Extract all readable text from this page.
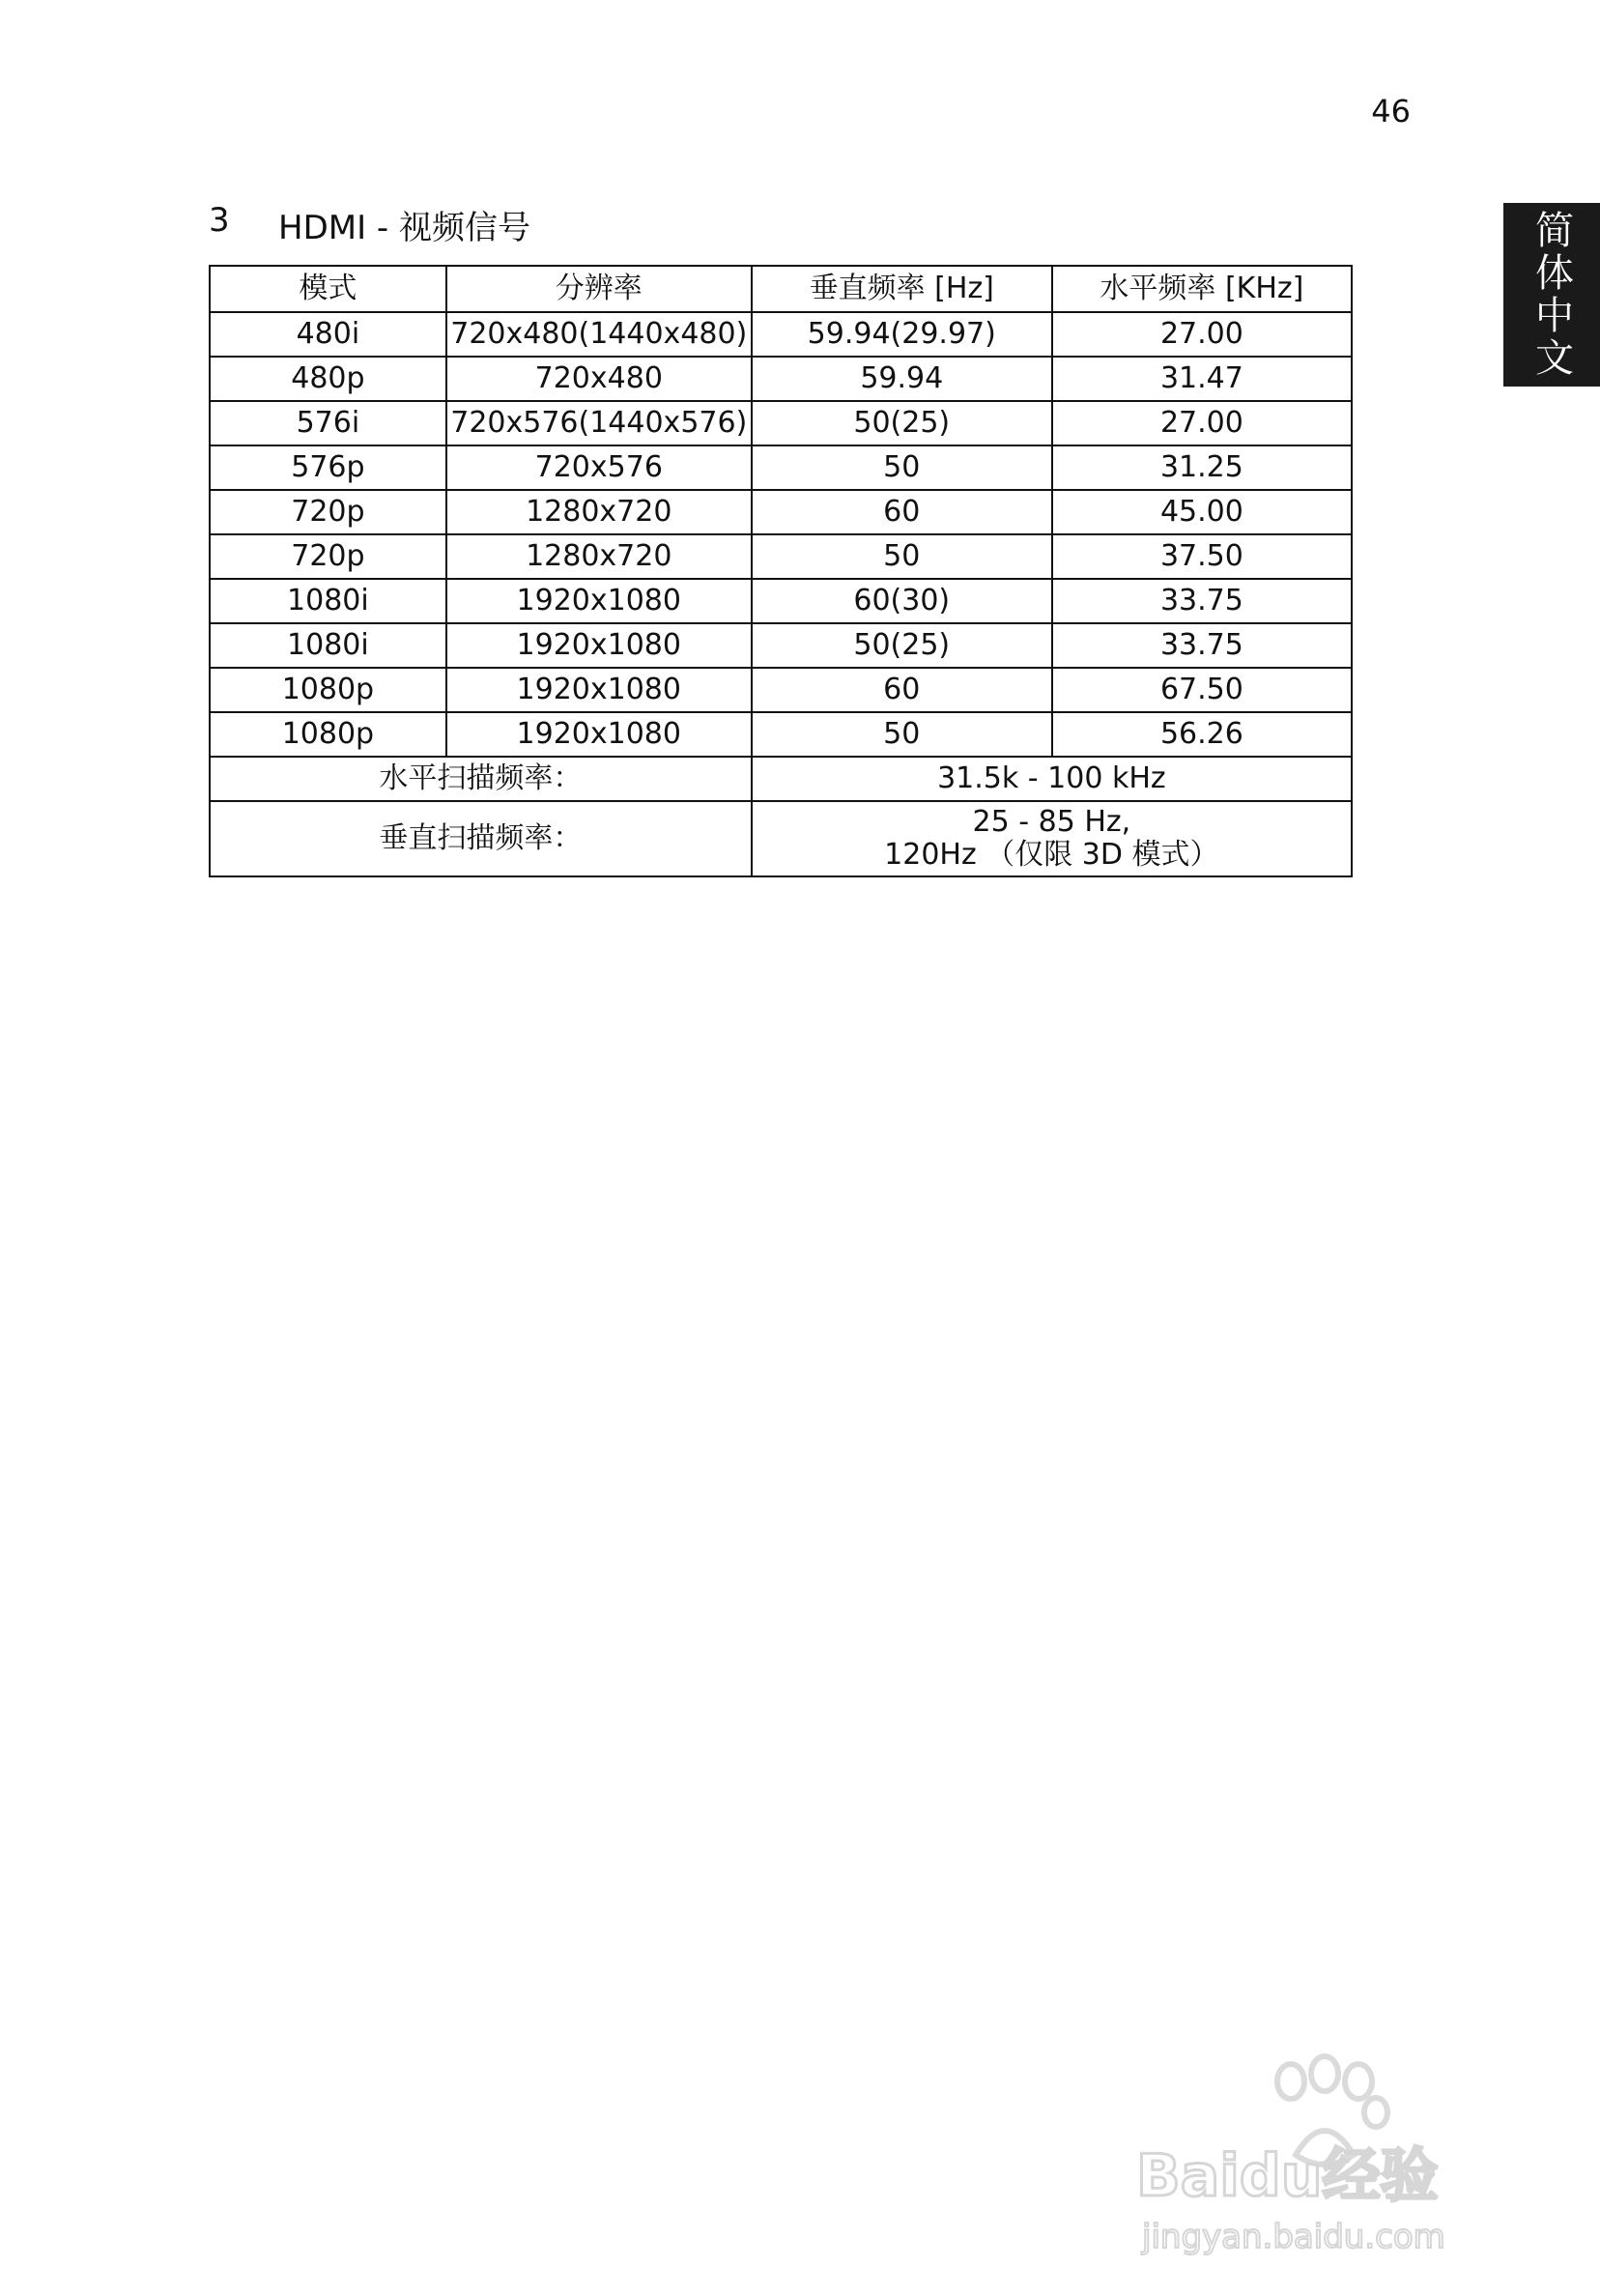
46
简体中文
3	HDMI - 视频信号
模式	分辨率	垂直频率 [Hz]	水平频率 [KHz]
480i	720x480(1440x480)	59.94(29.97)	27.00
480p	720x480	59.94	31.47
576i	720x576(1440x576)	50(25)	27.00
576p	720x576	50	31.25
720p	1280x720	60	45.00
720p	1280x720	50	37.50
1080i	1920x1080	60(30)	33.75
1080i	1920x1080	50(25)	33.75
1080p	1920x1080	60	67.50
1080p	1920x1080	50	56.26
水平扫描频率：		31.5k - 100 kHz	
垂直扫描频率：		25 - 85 Hz,
120Hz （仅限 3D 模式）	
Baidu经验
jingyan.baidu.com
